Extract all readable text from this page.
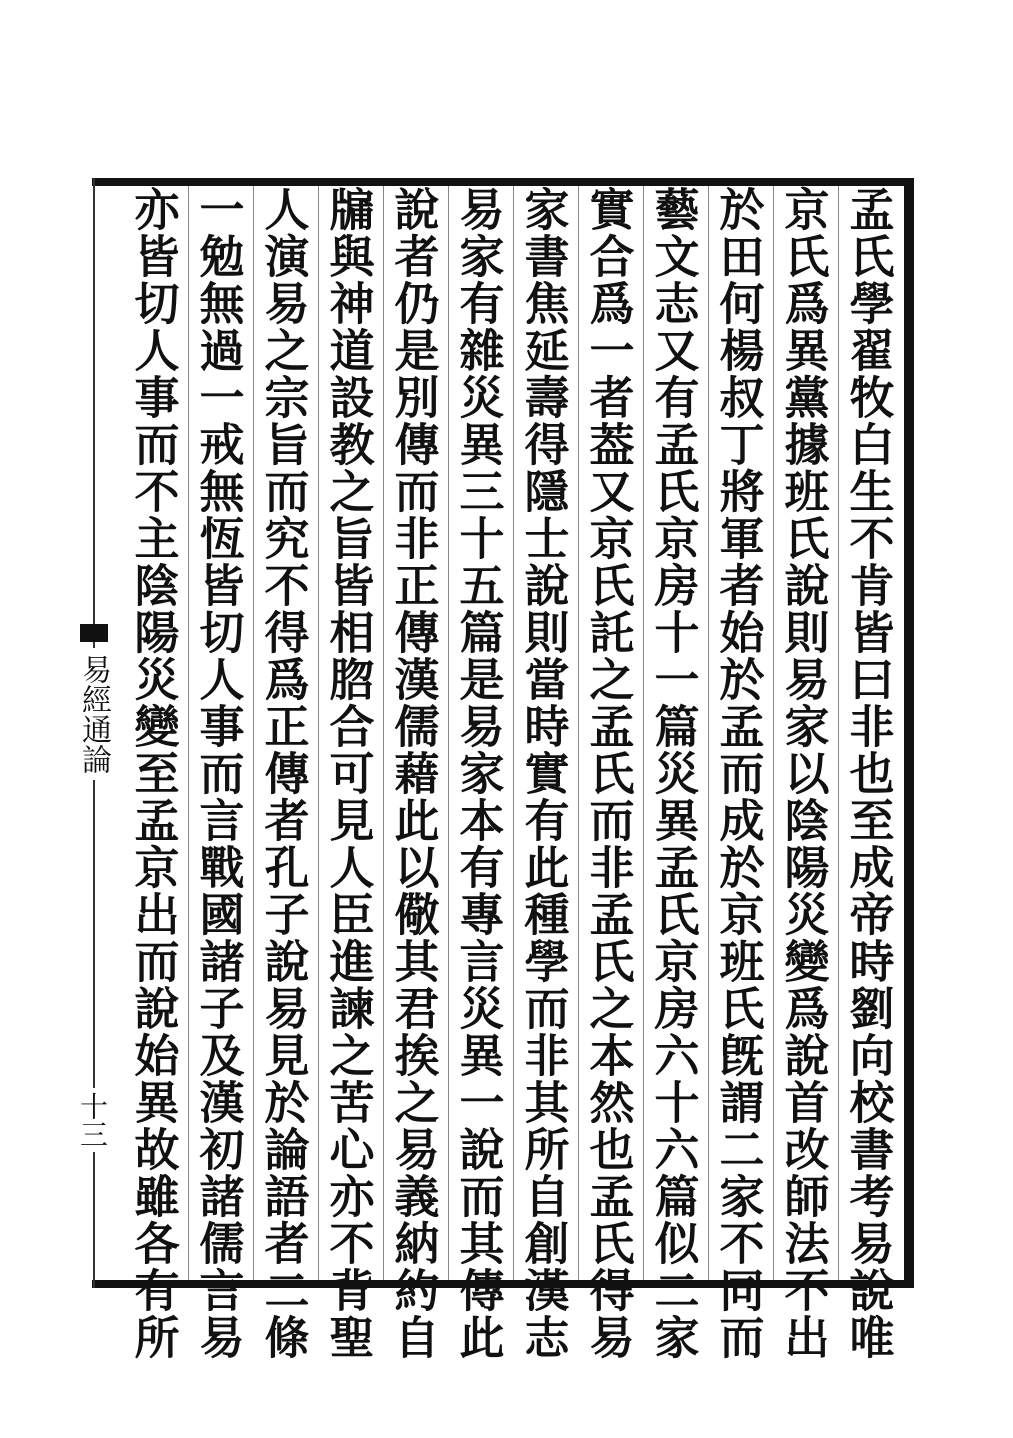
易經通論
十三	孟氏學翟牧白生不肯皆曰非也至成帝時劉向校書考易說唯
京氏爲異黨據班氏說則易家以陰陽災變爲說首改師法不出
於田何楊叔丁將軍者始於孟而成於京班氏旣謂二家不同而
藝文志又有孟氏京房十一篇災異孟氏京房六十六篇似二家
實合爲一者葢又京氏託之孟氏而非孟氏之本然也孟氏得易
家書焦延壽得隱士說則當時實有此種學而非其所自創漢志
易家有雜災異三十五篇是易家本有專言災異一說而其傳此
說者仍是別傳而非正傳漢儒藉此以儆其君挨之易義納約自
牖與神道設教之旨皆相脗合可見人臣進諫之苦心亦不背聖
人演易之宗旨而究不得爲正傳者孔子說易見於論語者二條
一勉無過一戒無恆皆切人事而言戰國諸子及漢初諸儒言易
亦皆切人事而不主陰陽災變至孟京出而說始異故雖各有所
